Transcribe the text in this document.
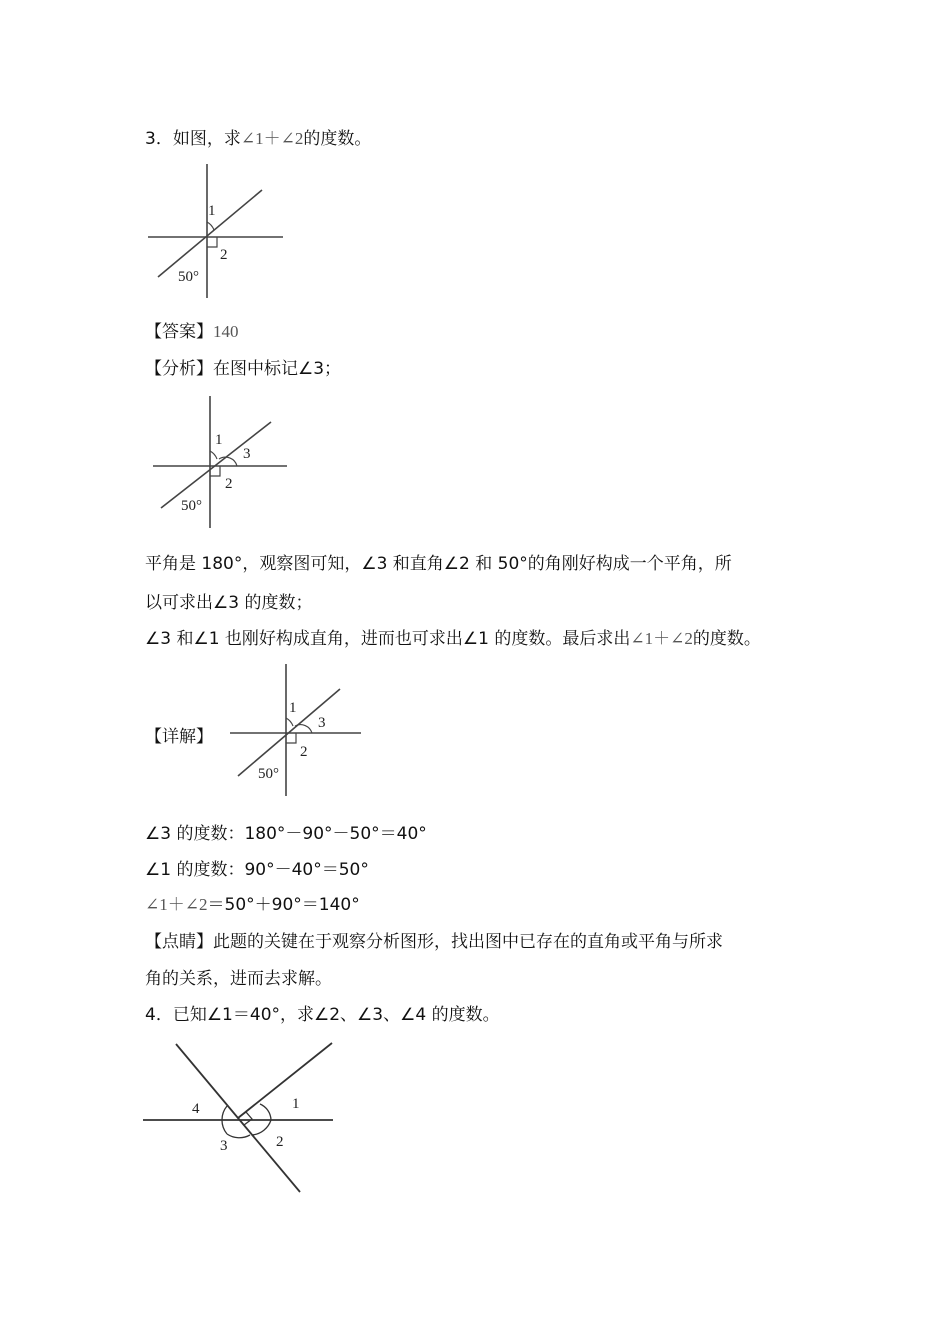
3．如图，求∠1＋∠2的度数。
1
2
50°
【答案】140
【分析】在图中标记∠3；
1
3
2
50°
平角是 180°，观察图可知，∠3 和直角∠2 和 50°的角刚好构成一个平角，所
以可求出∠3 的度数；
∠3 和∠1 也刚好构成直角，进而也可求出∠1 的度数。最后求出∠1＋∠2的度数。
【详解】
1
3
2
50°
∠3 的度数：180°－90°－50°＝40°
∠1 的度数：90°－40°＝50°
∠1＋∠2＝50°＋90°＝140°
【点睛】此题的关键在于观察分析图形，找出图中已存在的直角或平角与所求
角的关系，进而去求解。
4．已知∠1＝40°，求∠2、∠3、∠4 的度数。
1
2
3
4
